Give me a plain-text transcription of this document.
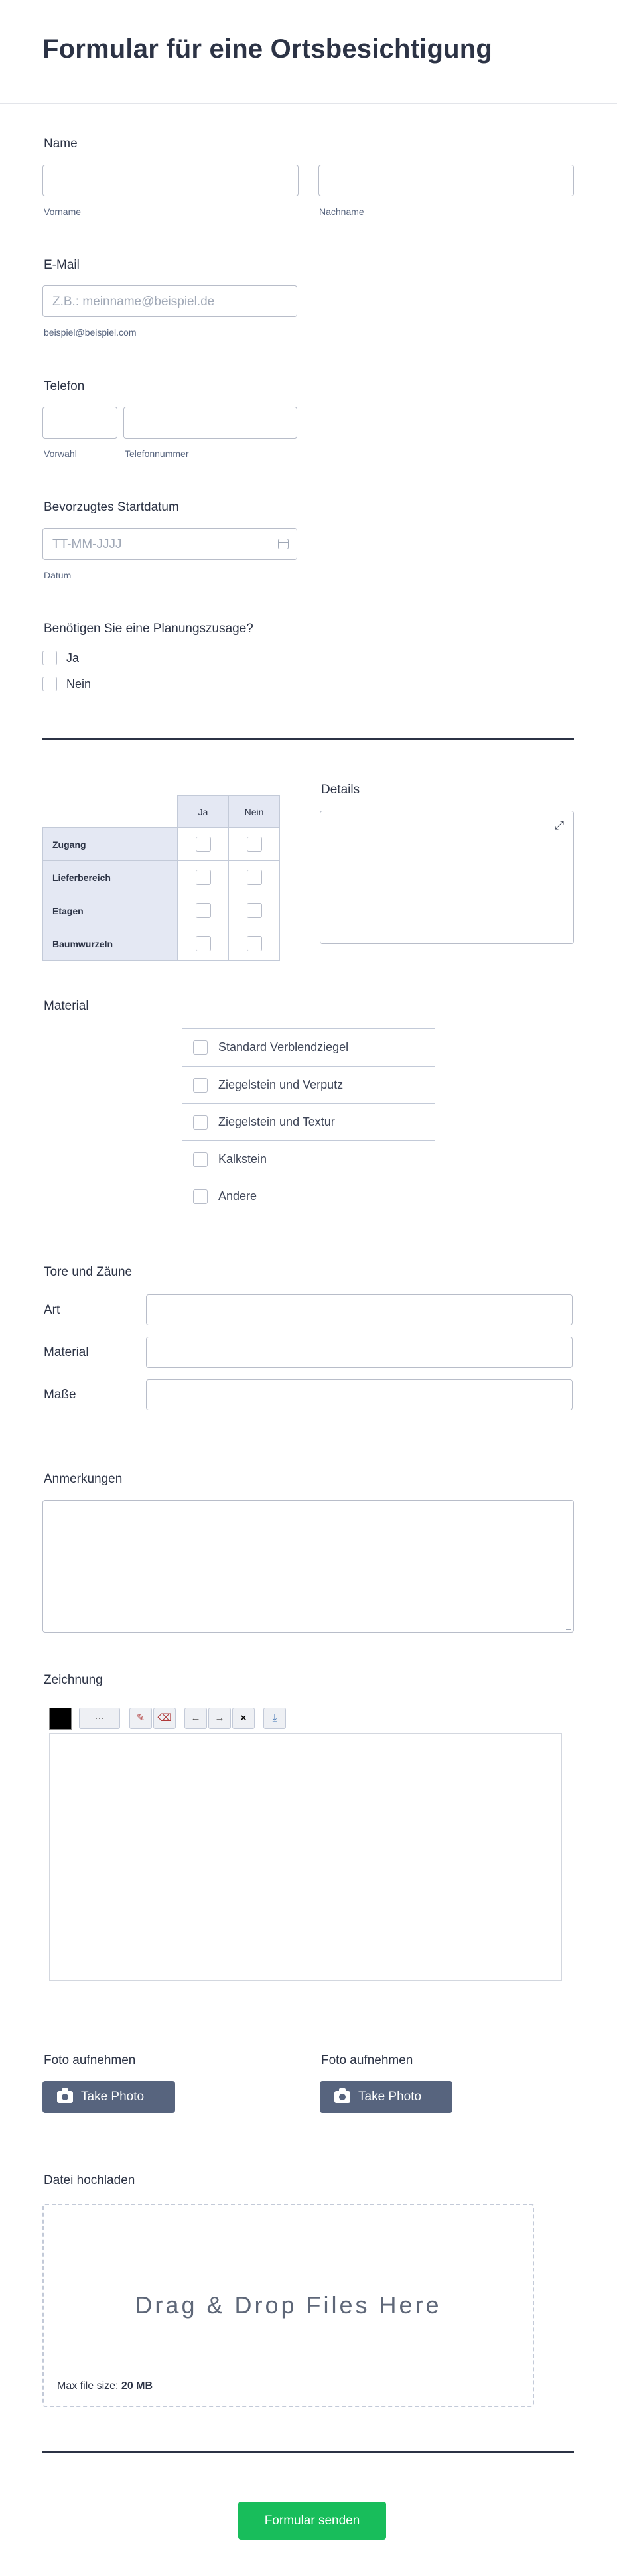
Formular für eine Ortsbesichtigung
Name
Vorname	Nachname
E-Mail
Z.B.: meinname@beispiel.de
beispiel@beispiel.com
Telefon
Vorwahl	Telefonnummer
Bevorzugtes Startdatum
TT-MM-JJJJ
Datum
Benötigen Sie eine Planungszusage?
Ja
Nein
	Ja	Nein
Zugang	

Lieferbereich	

Etagen	

Baumwurzeln	

Details
⤢
Material
Standard Verblendziegel
Ziegelstein und Verputz
Ziegelstein und Textur
Kalkstein
Andere
Tore und Zäune
Art
Material
Maße
Anmerkungen
Zeichnung
···	✎	⌫	←	→	×	⤓
Foto aufnehmen
Take Photo
Foto aufnehmen
Take Photo
Datei hochladen
Drag & Drop Files Here
Max file size: 20 MB
Formular senden
